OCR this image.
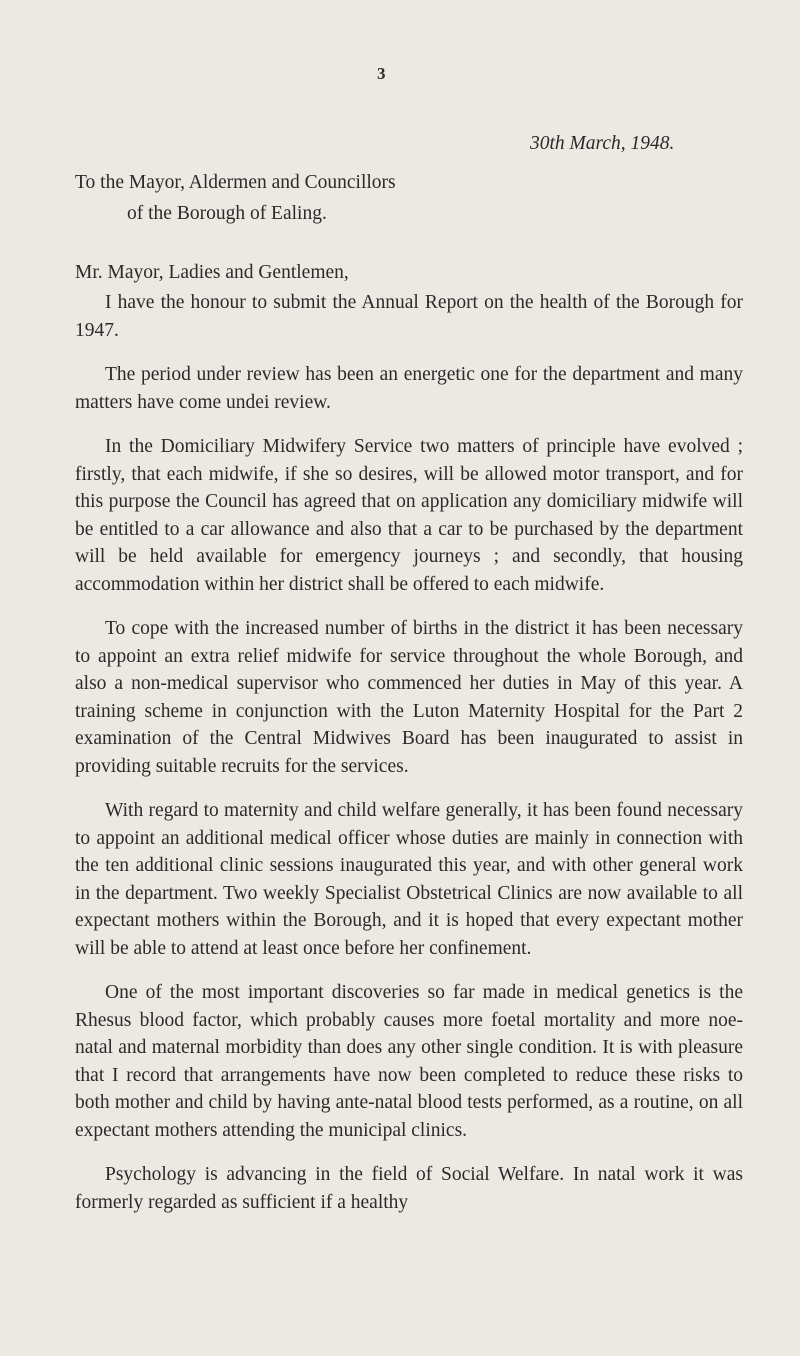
3
30th March, 1948.
To the Mayor, Aldermen and Councillors
of the Borough of Ealing.
Mr. Mayor, Ladies and Gentlemen,

I have the honour to submit the Annual Report on the health of the Borough for 1947.

The period under review has been an energetic one for the department and many matters have come undei review.

In the Domiciliary Midwifery Service two matters of principle have evolved ; firstly, that each midwife, if she so desires, will be allowed motor transport, and for this purpose the Council has agreed that on application any domiciliary midwife will be entitled to a car allowance and also that a car to be purchased by the department will be held available for emergency journeys ; and secondly, that housing accommodation within her district shall be offered to each midwife.

To cope with the increased number of births in the district it has been necessary to appoint an extra relief midwife for service throughout the whole Borough, and also a non-medical supervisor who commenced her duties in May of this year. A training scheme in conjunction with the Luton Maternity Hospital for the Part 2 examination of the Central Midwives Board has been inaugurated to assist in providing suitable recruits for the services.

With regard to maternity and child welfare generally, it has been found necessary to appoint an additional medical officer whose duties are mainly in connection with the ten additional clinic sessions inaugurated this year, and with other general work in the department. Two weekly Specialist Obstetrical Clinics are now available to all expectant mothers within the Borough, and it is hoped that every expectant mother will be able to attend at least once before her confinement.

One of the most important discoveries so far made in medical genetics is the Rhesus blood factor, which probably causes more foetal mortality and more noe-natal and maternal morbidity than does any other single condition. It is with pleasure that I record that arrangements have now been completed to reduce these risks to both mother and child by having ante-natal blood tests performed, as a routine, on all expectant mothers attending the municipal clinics.

Psychology is advancing in the field of Social Welfare. In natal work it was formerly regarded as sufficient if a healthy
